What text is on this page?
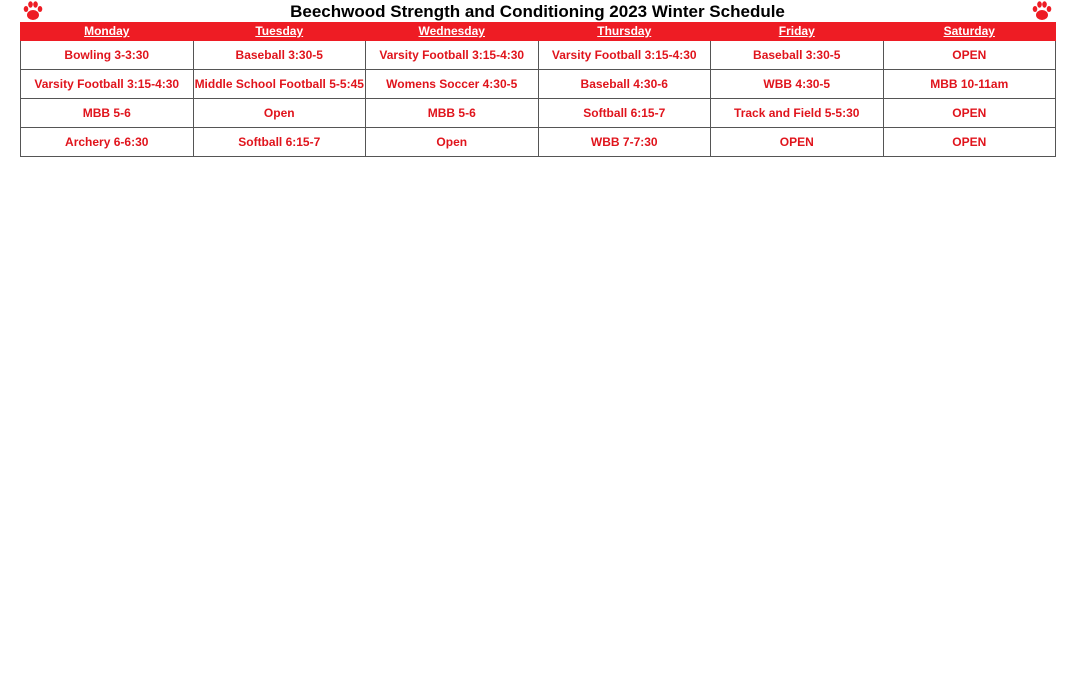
Beechwood Strength and Conditioning 2023 Winter Schedule
Monday	Tuesday	Wednesday	Thursday	Friday	Saturday
Bowling 3-3:30	Baseball 3:30-5	Varsity Football 3:15-4:30	Varsity Football 3:15-4:30	Baseball 3:30-5	OPEN
Varsity Football 3:15-4:30	Middle School Football 5-5:45	Womens Soccer 4:30-5	Baseball 4:30-6	WBB 4:30-5	MBB 10-11am
MBB 5-6	Open	MBB 5-6	Softball 6:15-7	Track and Field 5-5:30	OPEN
Archery 6-6:30	Softball 6:15-7	Open	WBB 7-7:30	OPEN	OPEN
